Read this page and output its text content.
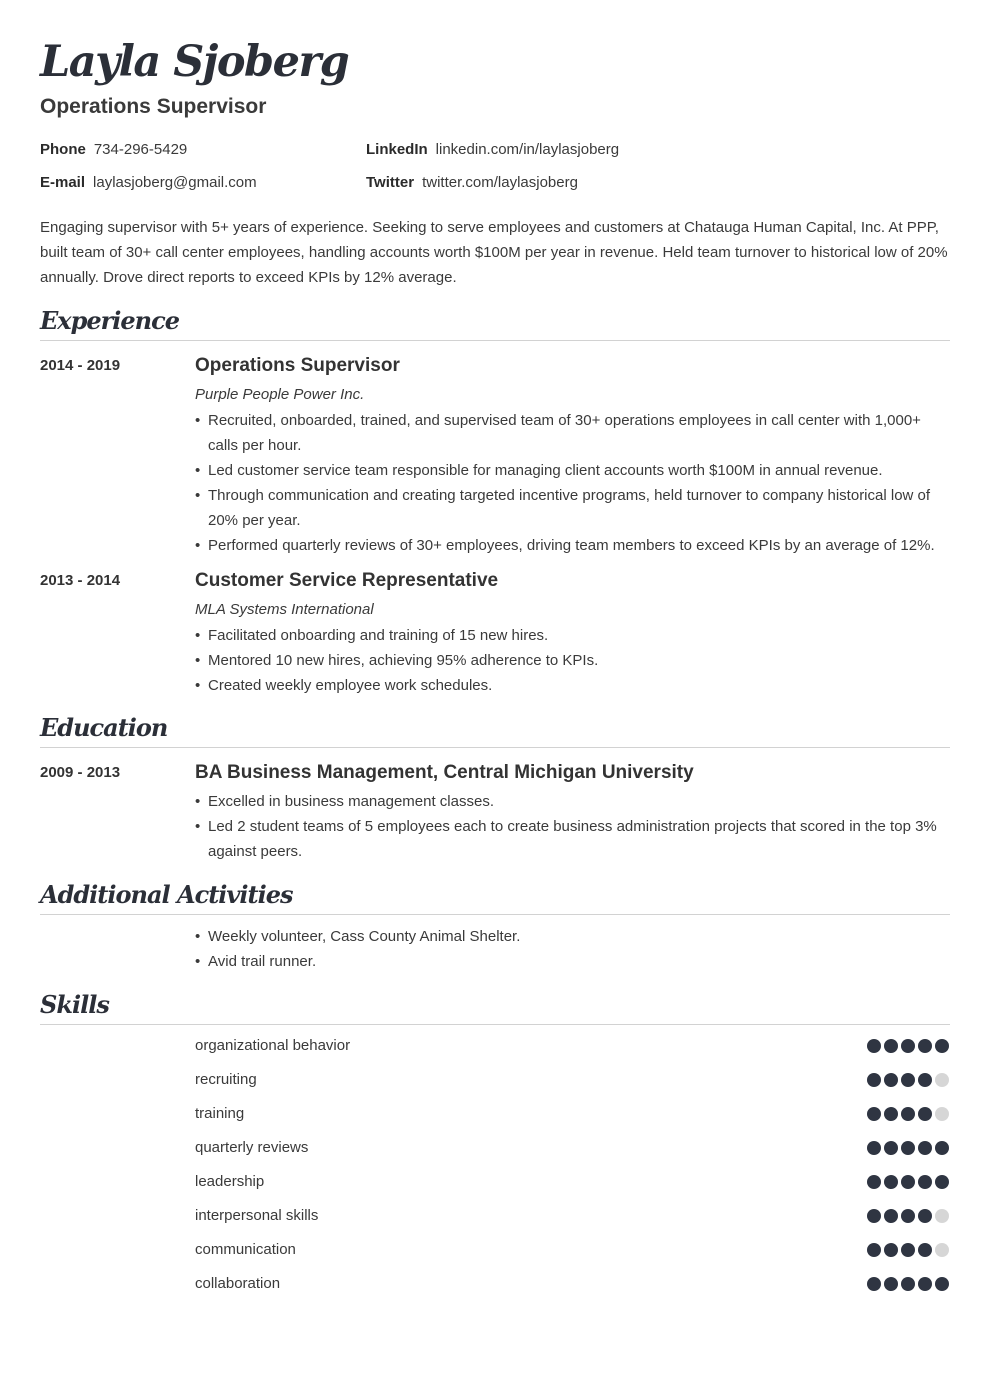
Layla Sjoberg
Operations Supervisor
Phone 734-296-5429
E-mail laylasjoberg@gmail.com
LinkedIn linkedin.com/in/laylasjoberg
Twitter twitter.com/laylasjoberg

Engaging supervisor with 5+ years of experience. Seeking to serve employees and customers at Chatauga Human Capital, Inc. At PPP, built team of 30+ call center employees, handling accounts worth $100M per year in revenue. Held team turnover to historical low of 20% annually. Drove direct reports to exceed KPIs by 12% average.

Experience
2014 - 2019	Operations Supervisor
Purple People Power Inc.
• Recruited, onboarded, trained, and supervised team of 30+ operations employees in call center with 1,000+ calls per hour.
• Led customer service team responsible for managing client accounts worth $100M in annual revenue.
• Through communication and creating targeted incentive programs, held turnover to company historical low of 20% per year.
• Performed quarterly reviews of 30+ employees, driving team members to exceed KPIs by an average of 12%.
2013 - 2014	Customer Service Representative
MLA Systems International
• Facilitated onboarding and training of 15 new hires.
• Mentored 10 new hires, achieving 95% adherence to KPIs.
• Created weekly employee work schedules.
Education
2009 - 2013	BA Business Management, Central Michigan University
• Excelled in business management classes.
• Led 2 student teams of 5 employees each to create business administration projects that scored in the top 3% against peers.
Additional Activities
• Weekly volunteer, Cass County Animal Shelter.
• Avid trail runner.
Skills
organizational behavior
recruiting
training
quarterly reviews
leadership
interpersonal skills
communication
collaboration
